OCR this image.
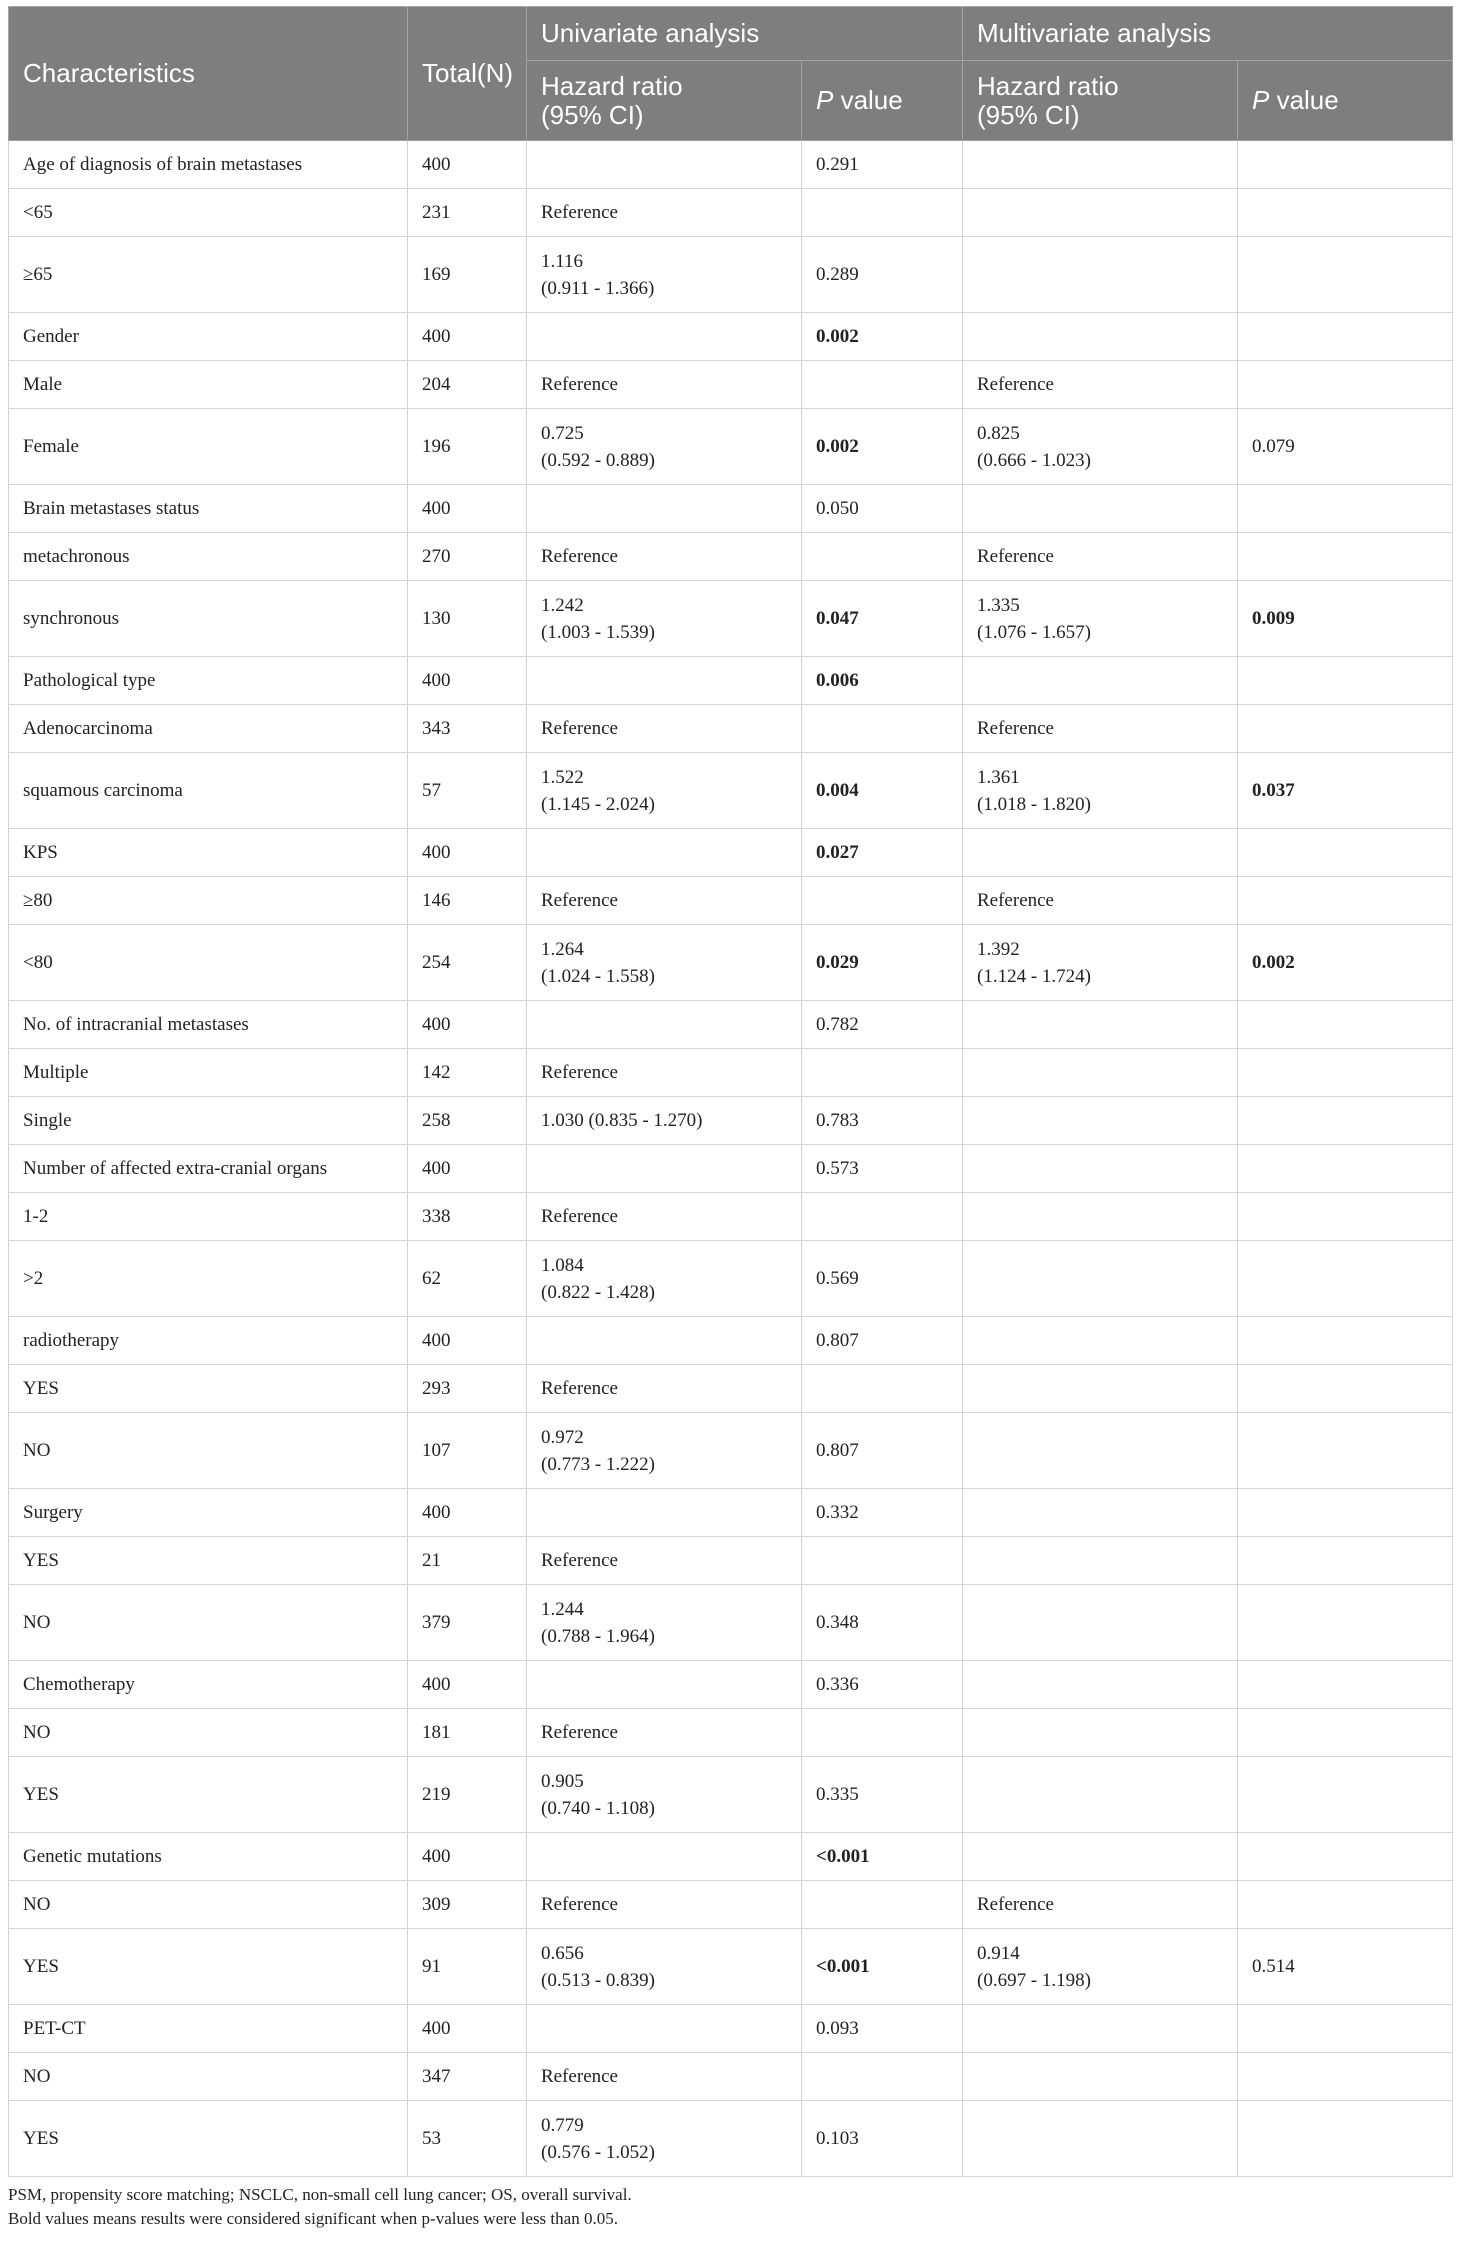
Characteristics	Total(N)	Univariate analysis		Multivariate analysis	

		Hazard ratio
(95% CI)	P value	Hazard ratio
(95% CI)	P value
Age of diagnosis of brain metastases	400		0.291		
<65	231	Reference			

≥65	169	1.116
(0.911 - 1.366)	0.289		
Gender	400		0.002		
Male	204	Reference		Reference	

Female	196	0.725
(0.592 - 0.889)	0.002	0.825
(0.666 - 1.023)	0.079
Brain metastases status	400		0.050		
metachronous	270	Reference		Reference	

synchronous	130	1.242
(1.003 - 1.539)	0.047	1.335
(1.076 - 1.657)	0.009
Pathological type	400		0.006		
Adenocarcinoma	343	Reference		Reference	

squamous carcinoma	57	1.522
(1.145 - 2.024)	0.004	1.361
(1.018 - 1.820)	0.037
KPS	400		0.027		
≥80	146	Reference		Reference	

<80	254	1.264
(1.024 - 1.558)	0.029	1.392
(1.124 - 1.724)	0.002
No. of intracranial metastases	400		0.782		
Multiple	142	Reference			

Single	258	1.030 (0.835 - 1.270)	0.783		
Number of affected extra-cranial organs	400		0.573		
1-2	338	Reference			

>2	62	1.084
(0.822 - 1.428)	0.569		
radiotherapy	400		0.807		
YES	293	Reference			

NO	107	0.972
(0.773 - 1.222)	0.807		
Surgery	400		0.332		
YES	21	Reference			

NO	379	1.244
(0.788 - 1.964)	0.348		
Chemotherapy	400		0.336		
NO	181	Reference			

YES	219	0.905
(0.740 - 1.108)	0.335		
Genetic mutations	400		<0.001		
NO	309	Reference		Reference	

YES	91	0.656
(0.513 - 0.839)	<0.001	0.914
(0.697 - 1.198)	0.514
PET-CT	400		0.093		
NO	347	Reference			

YES	53	0.779
(0.576 - 1.052)	0.103		

PSM, propensity score matching; NSCLC, non-small cell lung cancer; OS, overall survival.

Bold values means results were considered significant when p-values were less than 0.05.
